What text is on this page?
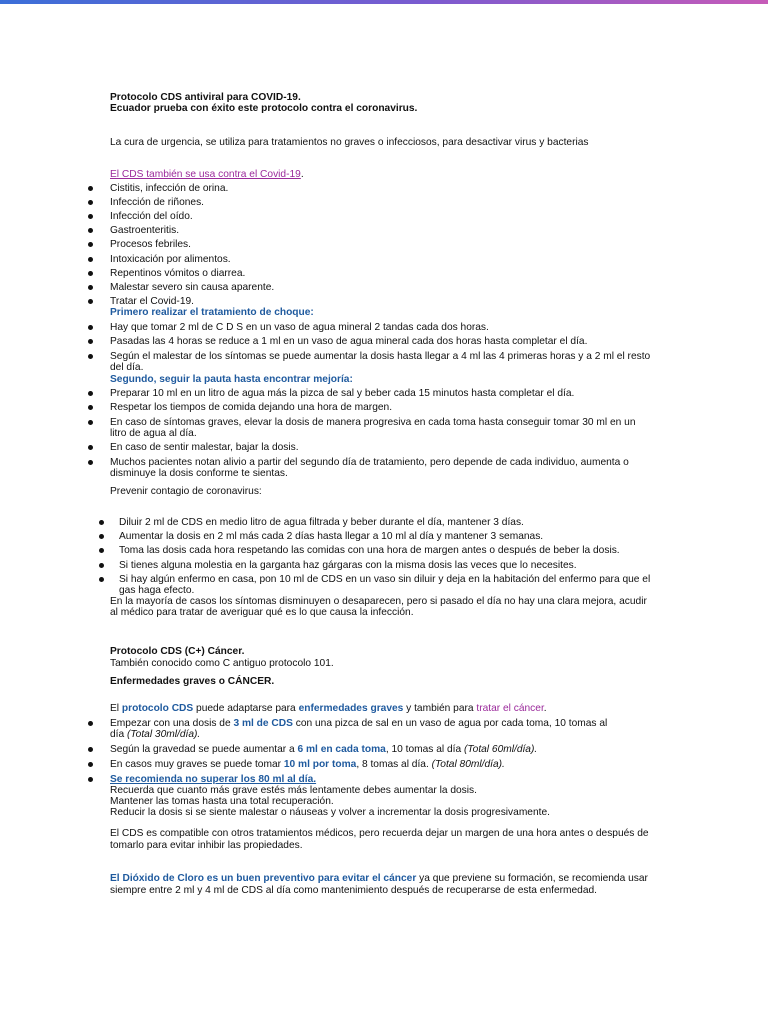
Protocolo CDS antiviral para COVID-19.
Ecuador prueba con éxito este protocolo contra el coronavirus.
La cura de urgencia, se utiliza para tratamientos no graves o infecciosos, para desactivar virus y bacterias
El CDS también se usa contra el Covid-19.
Cistitis, infección de orina.
Infección de riñones.
Infección del oído.
Gastroenteritis.
Procesos febriles.
Intoxicación por alimentos.
Repentinos vómitos o diarrea.
Malestar severo sin causa aparente.
Tratar el Covid-19.
Primero realizar el tratamiento de choque:
Hay que tomar 2 ml de C D S en un vaso de agua mineral 2 tandas cada dos horas.
Pasadas las 4 horas se reduce a 1 ml en un vaso de agua mineral cada dos horas hasta completar el día.
Según el malestar de los síntomas se puede aumentar la dosis hasta llegar a 4 ml las 4 primeras horas y a 2 ml el resto
del día.
Segundo, seguir la pauta hasta encontrar mejoría:
Preparar 10 ml en un litro de agua más la pizca de sal y beber cada 15 minutos hasta completar el día.
Respetar los tiempos de comida dejando una hora de margen.
En caso de síntomas graves, elevar la dosis de manera progresiva en cada toma hasta conseguir tomar 30 ml en un
litro de agua al día.
En caso de sentir malestar, bajar la dosis.
Muchos pacientes notan alivio a partir del segundo día de tratamiento, pero depende de cada individuo, aumenta o
disminuye la dosis conforme te sientas.
Prevenir contagio de coronavirus:
Diluir 2 ml de CDS en medio litro de agua filtrada y beber durante el día, mantener 3 días.
Aumentar la dosis en 2 ml más cada 2 días hasta llegar a 10 ml al día y mantener 3 semanas.
Toma las dosis cada hora respetando las comidas con una hora de margen antes o después de beber la dosis.
Si tienes alguna molestia en la garganta haz gárgaras con la misma dosis las veces que lo necesites.
Si hay algún enfermo en casa, pon 10 ml de CDS en un vaso sin diluir y deja en la habitación del enfermo para que el
gas haga efecto.
En la mayoría de casos los síntomas disminuyen o desaparecen, pero si pasado el día no hay una clara mejora, acudir
al médico para tratar de averiguar qué es lo que causa la infección.
Protocolo CDS (C+) Cáncer.
También conocido como C antiguo protocolo 101.
Enfermedades graves o CÁNCER.
El protocolo CDS puede adaptarse para enfermedades graves y también para tratar el cáncer.
Empezar con una dosis de 3 ml de CDS con una pizca de sal en un vaso de agua por cada toma, 10 tomas al
día (Total 30ml/día).
Según la gravedad se puede aumentar a 6 ml en cada toma, 10 tomas al día (Total 60ml/día).
En casos muy graves se puede tomar 10 ml por toma, 8 tomas al día. (Total 80ml/día).
Se recomienda no superar los 80 ml al día.
Recuerda que cuanto más grave estés más lentamente debes aumentar la dosis.
Mantener las tomas hasta una total recuperación.
Reducir la dosis si se siente malestar o náuseas y volver a incrementar la dosis progresivamente.
El CDS es compatible con otros tratamientos médicos, pero recuerda dejar un margen de una hora antes o después de
tomarlo para evitar inhibir las propiedades.
El Dióxido de Cloro es un buen preventivo para evitar el cáncer ya que previene su formación, se recomienda usar
siempre entre 2 ml y 4 ml de CDS al día como mantenimiento después de recuperarse de esta enfermedad.
